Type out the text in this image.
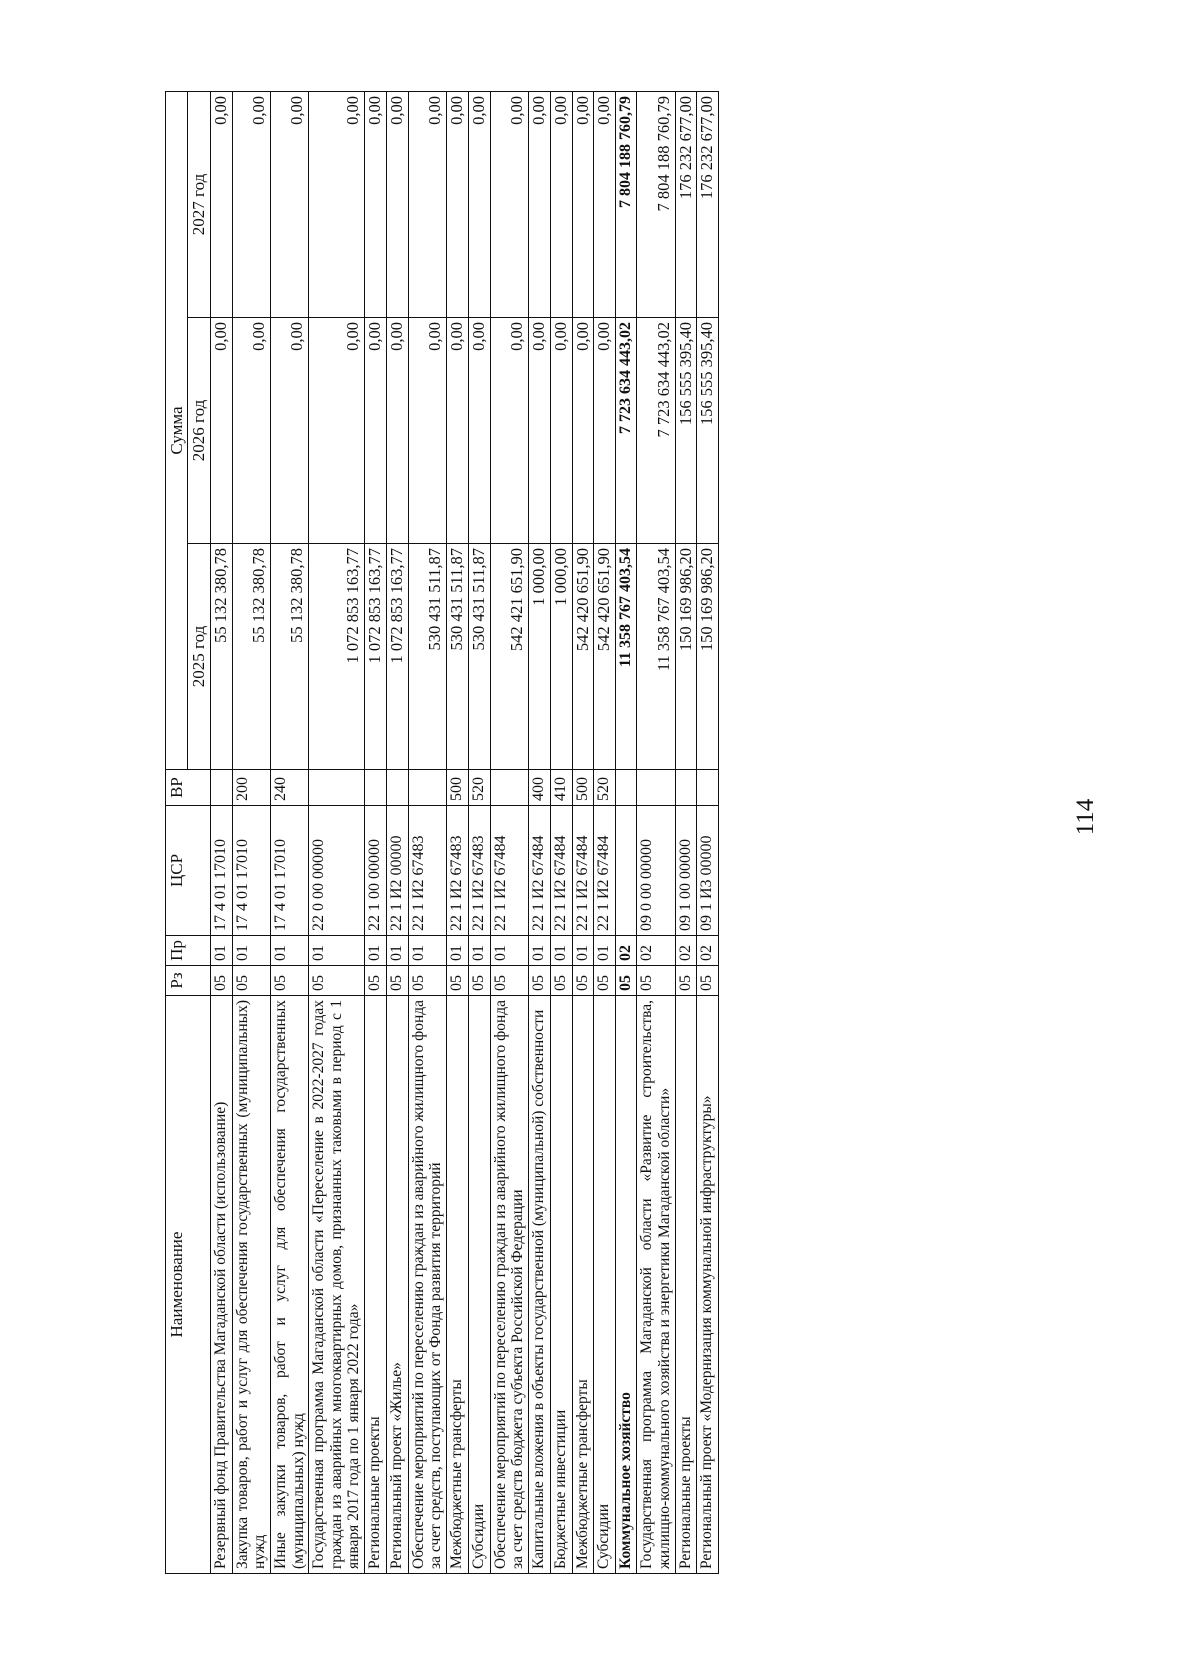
114
Наименование	Рз	Пр	ЦСР	ВР	Сумма		
					2025 год	2026 год	2027 год
Резервный фонд Правительства Магаданской области (использование)	05	01	17 4 01 17010		55 132 380,78	0,00	0,00
Закупка товаров, работ и услуг для обеспечения государственных (муниципальных) нужд	05	01	17 4 01 17010	200	55 132 380,78	0,00	0,00
Иные закупки товаров, работ и услуг для обеспечения государственных (муниципальных) нужд	05	01	17 4 01 17010	240	55 132 380,78	0,00	0,00
Государственная программа Магаданской области «Переселение в 2022-2027 годах граждан из аварийных многоквартирных домов, признанных таковыми в период с 1 января 2017 года по 1 января 2022 года»	05	01	22 0 00 00000		1 072 853 163,77	0,00	0,00
Региональные проекты	05	01	22 1 00 00000		1 072 853 163,77	0,00	0,00
Региональный проект «Жилье»	05	01	22 1 И2 00000		1 072 853 163,77	0,00	0,00
Обеспечение мероприятий по переселению граждан из аварийного жилищного фонда за счет средств, поступающих от Фонда развития территорий	05	01	22 1 И2 67483		530 431 511,87	0,00	0,00
Межбюджетные трансферты	05	01	22 1 И2 67483	500	530 431 511,87	0,00	0,00
Субсидии	05	01	22 1 И2 67483	520	530 431 511,87	0,00	0,00
Обеспечение мероприятий по переселению граждан из аварийного жилищного фонда за счет средств бюджета субъекта Российской Федерации	05	01	22 1 И2 67484		542 421 651,90	0,00	0,00
Капитальные вложения в объекты государственной (муниципальной) собственности	05	01	22 1 И2 67484	400	1 000,00	0,00	0,00
Бюджетные инвестиции	05	01	22 1 И2 67484	410	1 000,00	0,00	0,00
Межбюджетные трансферты	05	01	22 1 И2 67484	500	542 420 651,90	0,00	0,00
Субсидии	05	01	22 1 И2 67484	520	542 420 651,90	0,00	0,00
Коммунальное хозяйство	05	02			11 358 767 403,54	7 723 634 443,02	7 804 188 760,79
Государственная программа Магаданской области «Развитие строительства, жилищно-коммунального хозяйства и энергетики Магаданской области»	05	02	09 0 00 00000		11 358 767 403,54	7 723 634 443,02	7 804 188 760,79
Региональные проекты	05	02	09 1 00 00000		150 169 986,20	156 555 395,40	176 232 677,00
Региональный проект «Модернизация коммунальной инфраструктуры»	05	02	09 1 И3 00000		150 169 986,20	156 555 395,40	176 232 677,00
